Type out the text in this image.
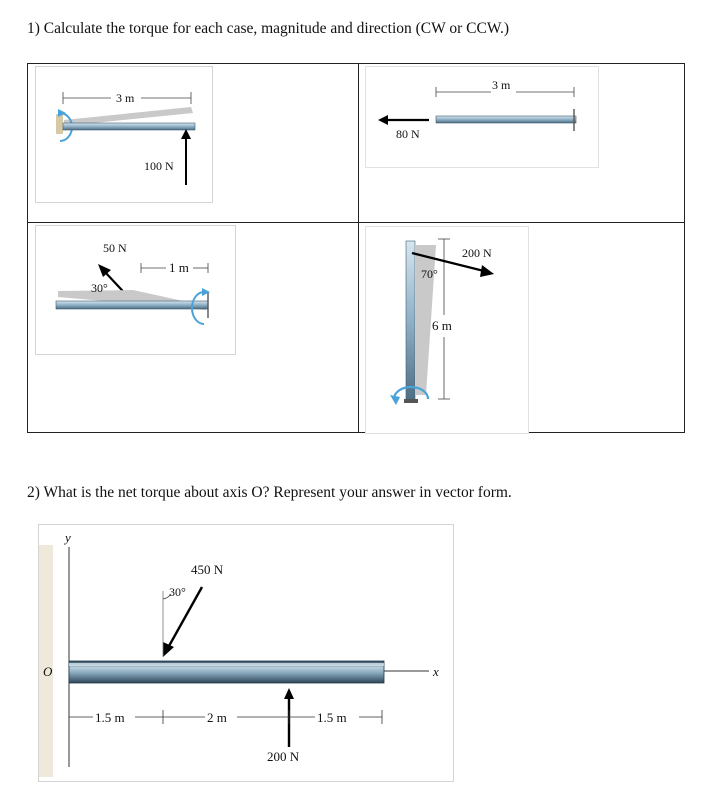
1) Calculate the torque for each case, magnitude and direction (CW or CCW.)
3 m
100 N
3 m
80 N
50 N
1 m
30°
6 m
200 N
70°
2) What is the net torque about axis O? Represent your answer in vector form.
y
O	x
450 N
30°
200 N
1.5 m	2 m	1.5 m
